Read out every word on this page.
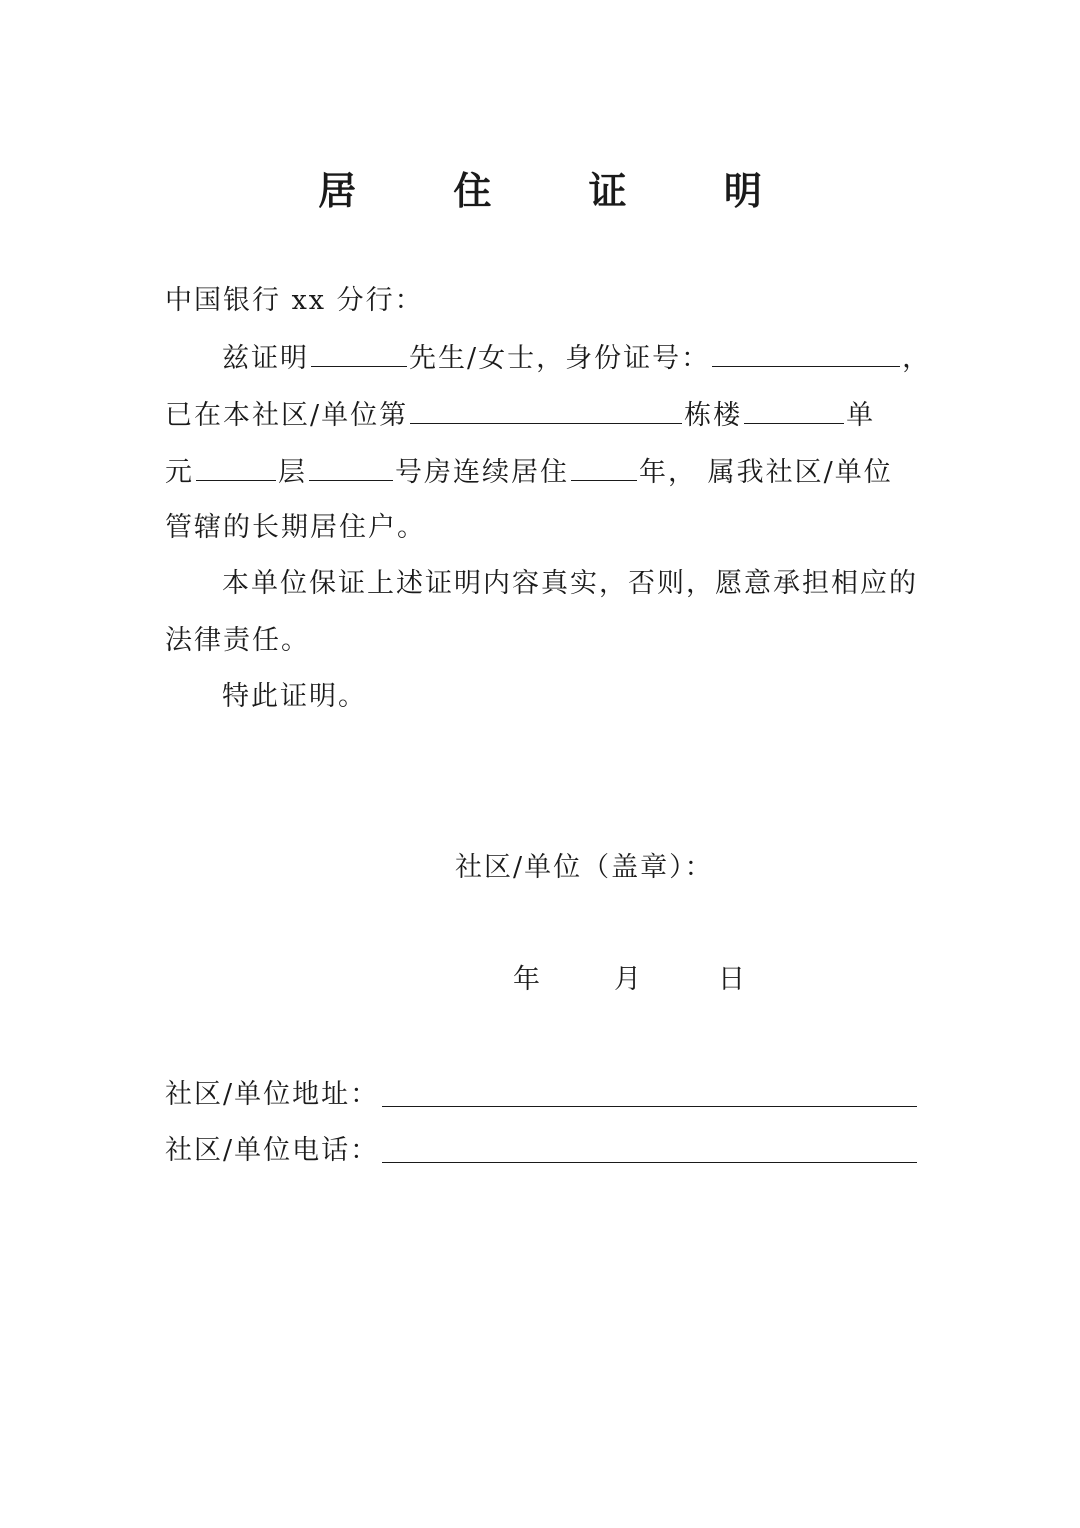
居 住 证 明
中国银行 xx 分行：
兹证明	先生/女士，身份证号：	，
已在本社区/单位第	栋楼	单
元	层	号房连续居住	年， 属我社区/单位
管辖的长期居住户。
本单位保证上述证明内容真实，否则，愿意承担相应的
法律责任。
特此证明。
社区/单位（盖章）：
年	月	日
社区/单位地址：
社区/单位电话：
